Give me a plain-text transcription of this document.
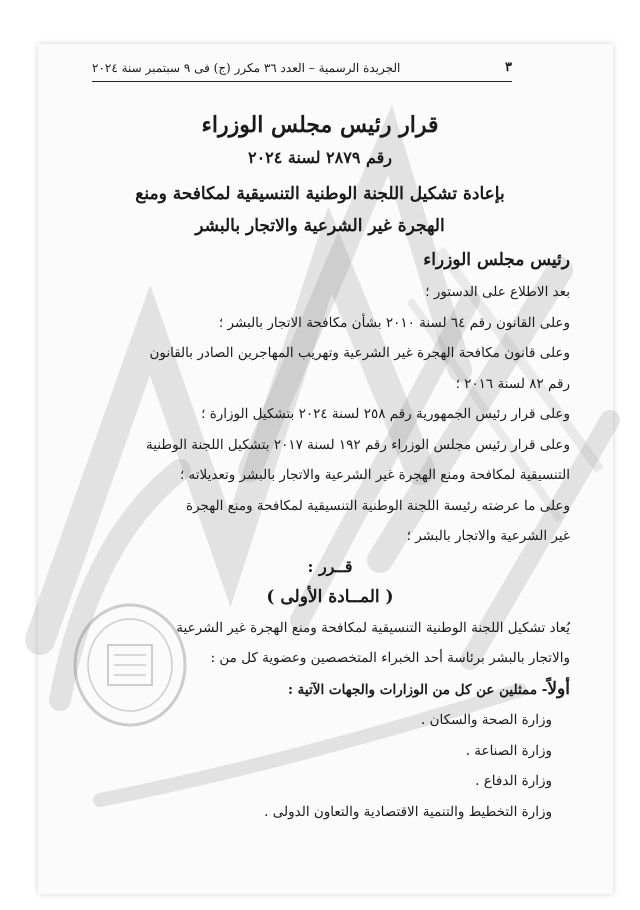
الجريدة الرسمية – العدد ٣٦ مكرر (ج) فى ٩ سبتمبر سنة ٢٠٢٤	٣
قرار رئيس مجلس الوزراء
رقم ٢٨٧٩ لسنة ٢٠٢٤
بإعادة تشكيل اللجنة الوطنية التنسيقية لمكافحة ومنع
الهجرة غير الشرعية والاتجار بالبشر
رئيس مجلس الوزراء
بعد الاطلاع على الدستور ؛
وعلى القانون رقم ٦٤ لسنة ٢٠١٠ بشأن مكافحة الاتجار بالبشر ؛
وعلى قانون مكافحة الهجرة غير الشرعية وتهريب المهاجرين الصادر بالقانون
رقم ٨٢ لسنة ٢٠١٦ ؛
وعلى قرار رئيس الجمهورية رقم ٢٥٨ لسنة ٢٠٢٤ بتشكيل الوزارة ؛
وعلى قرار رئيس مجلس الوزراء رقم ١٩٢ لسنة ٢٠١٧ بتشكيل اللجنة الوطنية
التنسيقية لمكافحة ومنع الهجرة غير الشرعية والاتجار بالبشر وتعديلاته ؛
وعلى ما عرضته رئيسة اللجنة الوطنية التنسيقية لمكافحة ومنع الهجرة
غير الشرعية والاتجار بالبشر ؛
قــرر :
( المــادة الأولى )
يُعاد تشكيل اللجنة الوطنية التنسيقية لمكافحة ومنع الهجرة غير الشرعية
والاتجار بالبشر برئاسة أحد الخبراء المتخصصين وعضوية كل من :
أولاً- ممثلين عن كل من الوزارات والجهات الآتية :
وزارة الصحة والسكان .
وزارة الصناعة .
وزارة الدفاع .
وزارة التخطيط والتنمية الاقتصادية والتعاون الدولى .
